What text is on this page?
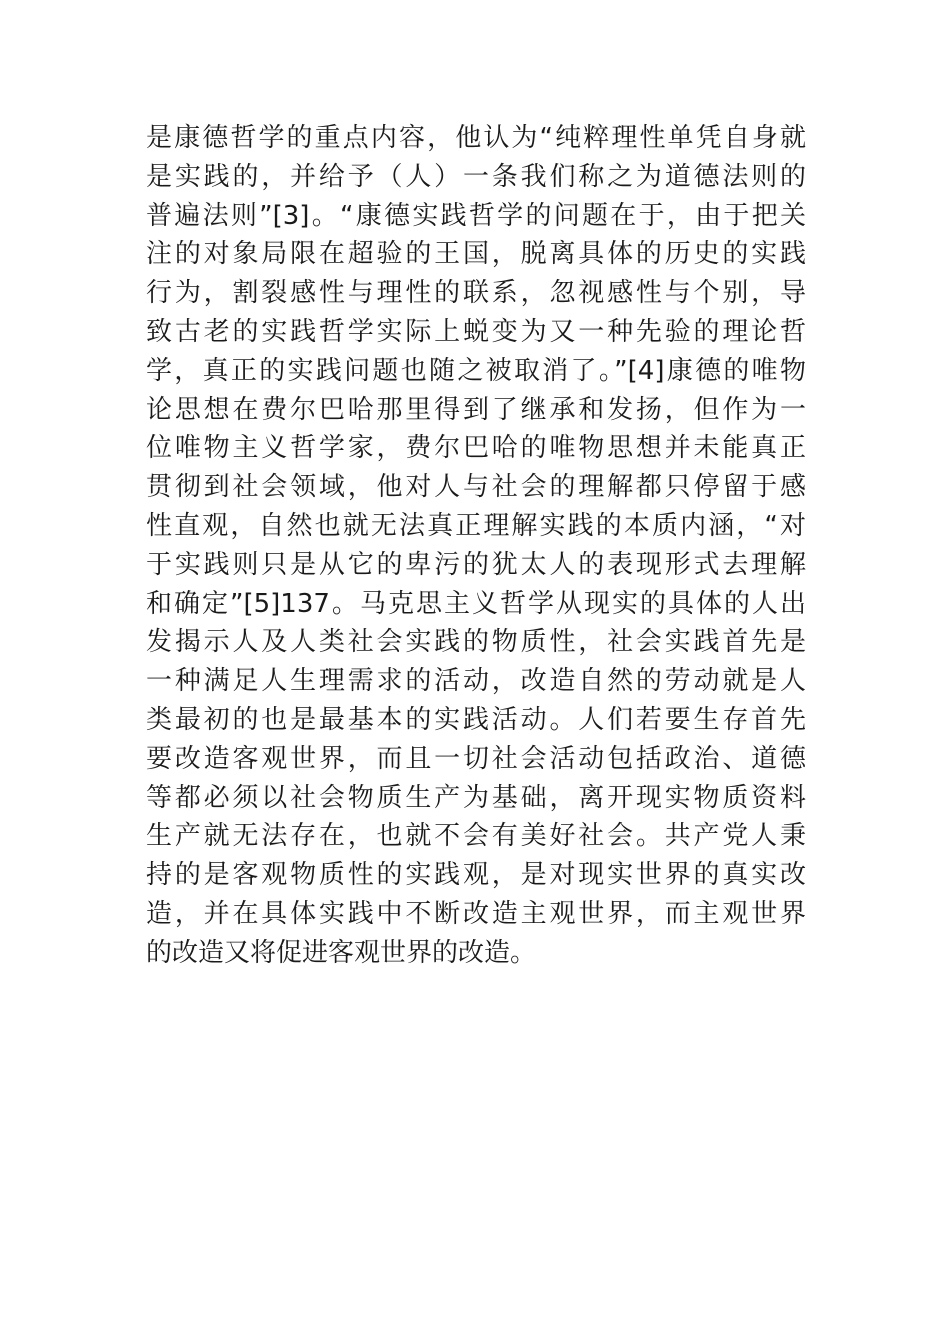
是康德哲学的重点内容，他认为“纯粹理性单凭自身就
是实践的，并给予（人）一条我们称之为道德法则的
普遍法则”[3]。“康德实践哲学的问题在于，由于把关
注的对象局限在超验的王国，脱离具体的历史的实践
行为，割裂感性与理性的联系，忽视感性与个别，导
致古老的实践哲学实际上蜕变为又一种先验的理论哲
学，真正的实践问题也随之被取消了。”[4]康德的唯物
论思想在费尔巴哈那里得到了继承和发扬，但作为一
位唯物主义哲学家，费尔巴哈的唯物思想并未能真正
贯彻到社会领域，他对人与社会的理解都只停留于感
性直观，自然也就无法真正理解实践的本质内涵，“对
于实践则只是从它的卑污的犹太人的表现形式去理解
和确定”[5]137。马克思主义哲学从现实的具体的人出
发揭示人及人类社会实践的物质性，社会实践首先是
一种满足人生理需求的活动，改造自然的劳动就是人
类最初的也是最基本的实践活动。人们若要生存首先
要改造客观世界，而且一切社会活动包括政治、道德
等都必须以社会物质生产为基础，离开现实物质资料
生产就无法存在，也就不会有美好社会。共产党人秉
持的是客观物质性的实践观，是对现实世界的真实改
造，并在具体实践中不断改造主观世界，而主观世界
的改造又将促进客观世界的改造。
